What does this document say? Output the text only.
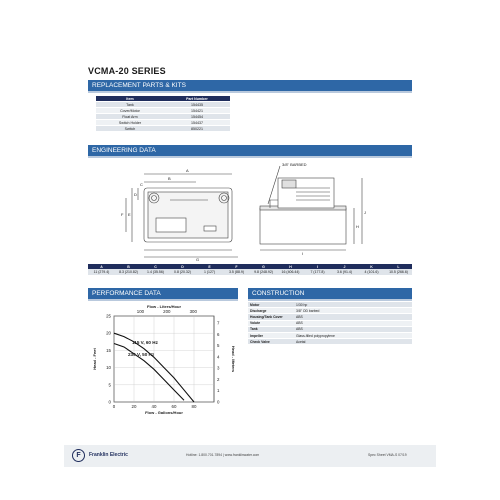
VCMA-20 SERIES
REPLACEMENT PARTS & KITS
Item	Part Number
Tank	154435
Cover/Motor	154421
Float Arm	154454
Switch Holder	154437
Switch	850221
ENGINEERING DATA
A
B
C
D
E
F
G
3/8" BARBED
I
H
J
A	B	C	D	E	F	G	H	I	J	K	L
11 (279.4)	8.3 (210.82)	1.4 (35.56)	0.8 (20.32)	1 (127)	3.5 (88.9)	9.8 (248.92)	16 (406.44)	7 (177.8)	3.6 (91.4)	4 (101.6)	10.5 (266.6)
PERFORMANCE DATA
0	20	40	60	80
100	200	300
0
5
10
15
20
25
0
1
2
3
4
5
6
7
Flow - Liters/Hour
Flow - Gallons/Hour
Head - Feet	Head - Meters
115 V, 60 Hz
230 V, 50 Hz
CONSTRUCTION
Motor	1/30 hp
Discharge	3/8" OD barbed
Housing/Tank Cover	ABS
Volute	ABS
Tank	ABS
Impeller	Glass-filled polypropylene
Check Valve	Acetal
F	Franklin Electric	Hotline: 1.800.701.7894 | www.franklinwater.com	Spec Sheet VMA-S 07/19
